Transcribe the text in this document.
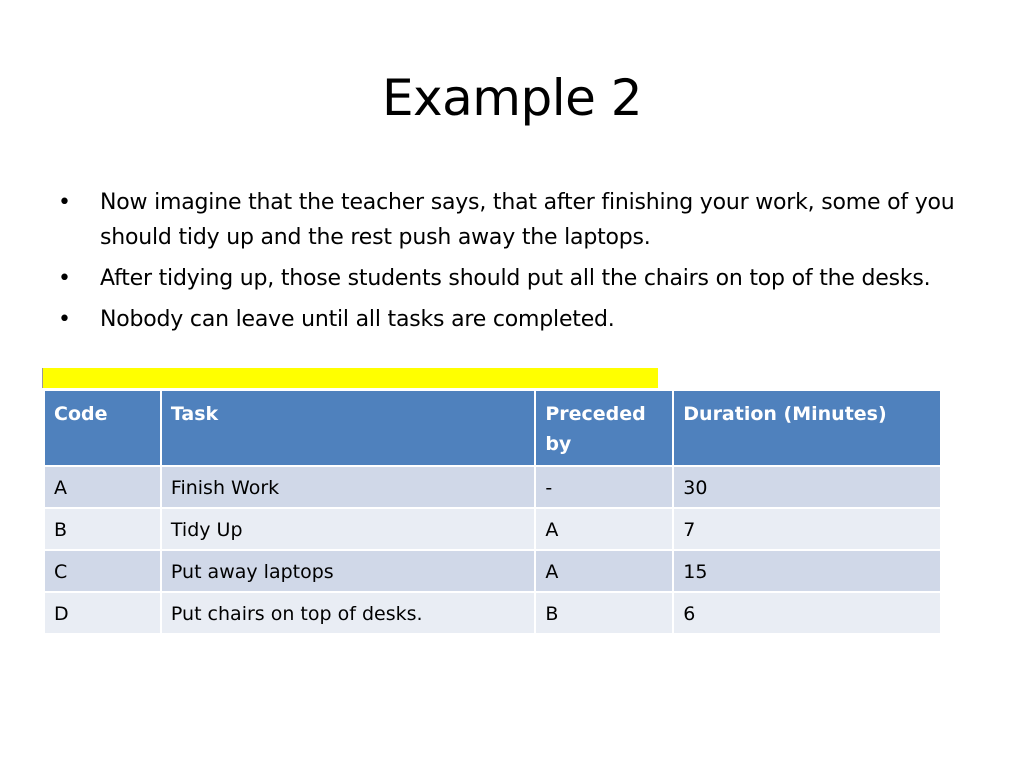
Example 2
•	Now imagine that the teacher says, that after finishing your work, some of you should tidy up and the rest push away the laptops.
•	After tidying up, those students should put all the chairs on top of the desks.
•	Nobody can leave until all tasks are completed.
Code	Task	Preceded by	Duration (Minutes)
A	Finish Work	-	30
B	Tidy Up	A	7
C	Put away laptops	A	15
D	Put chairs on top of desks.	B	6
